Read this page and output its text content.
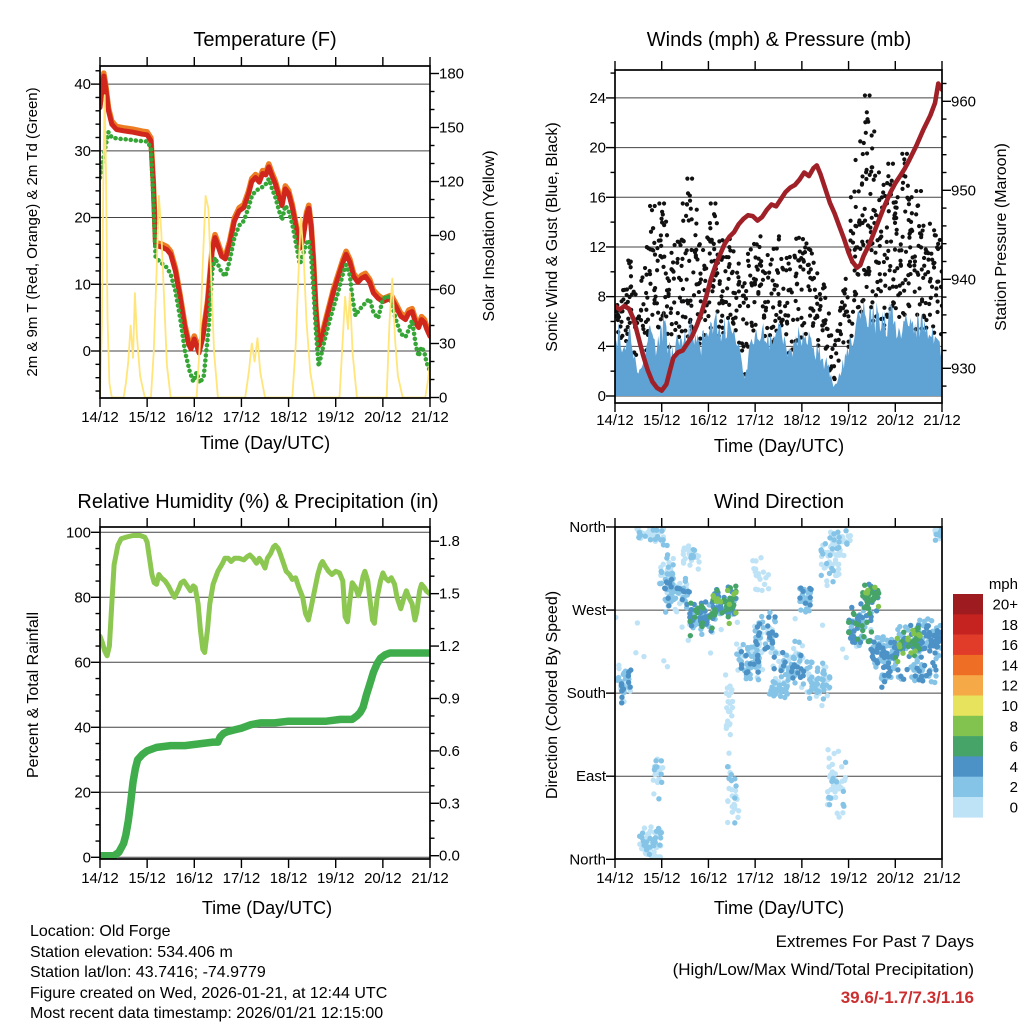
Temperature (F)	Winds (mph) & Pressure (mb)
Relative Humidity (%) & Precipitation (in)	Wind Direction
Time (Day/UTC)	Time (Day/UTC)
Time (Day/UTC)	Time (Day/UTC)
2m & 9m T (Red, Orange) & 2m Td (Green)	Solar Insolation (Yellow)	Sonic Wind & Gust (Blue, Black)	Station Pressure (Maroon)
Percent & Total Rainfall	Direction (Colored By Speed)
mph
14/12 15/12 16/12 17/12 18/12 19/12 20/12 21/12
0
10
20
30
40
0
30
60
90
120
150
180
14/12 15/12 16/12 17/12 18/12 19/12 20/12 21/12
0
4
8
12
16
20
24
930
940
950
960
14/12 15/12 16/12 17/12 18/12 19/12 20/12 21/12
0
20
40
60
80
100
0.0
0.3
0.6
0.9
1.2
1.5
1.8
14/12 15/12 16/12 17/12 18/12 19/12 20/12 21/12
North
West
South
East
North
20+
18
16
14
12
10
8
6
4
2
0
Location: Old Forge
Station elevation: 534.406 m
Station lat/lon: 43.7416; -74.9779
Figure created on Wed, 2026-01-21, at 12:44 UTC
Most recent data timestamp: 2026/01/21 12:15:00
Extremes For Past 7 Days
(High/Low/Max Wind/Total Precipitation)
39.6/-1.7/7.3/1.16
